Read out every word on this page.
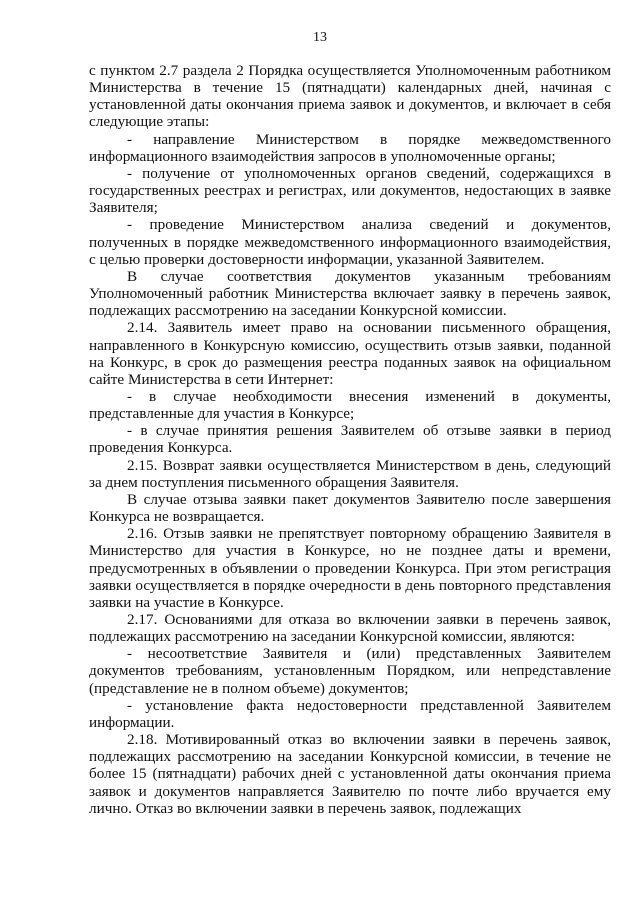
13

с пунктом 2.7 раздела 2 Порядка осуществляется Уполномоченным работником Министерства в течение 15 (пятнадцати) календарных дней, начиная с установленной даты окончания приема заявок и документов, и включает в себя следующие этапы:

- направление Министерством в порядке межведомственного информационного взаимодействия запросов в уполномоченные органы;

- получение от уполномоченных органов сведений, содержащихся в государственных реестрах и регистрах, или документов, недостающих в заявке Заявителя;

- проведение Министерством анализа сведений и документов, полученных в порядке межведомственного информационного взаимодействия, с целью проверки достоверности информации, указанной Заявителем.

В случае соответствия документов указанным требованиям Уполномоченный работник Министерства включает заявку в перечень заявок, подлежащих рассмотрению на заседании Конкурсной комиссии.

2.14. Заявитель имеет право на основании письменного обращения, направленного в Конкурсную комиссию, осуществить отзыв заявки, поданной на Конкурс, в срок до размещения реестра поданных заявок на официальном сайте Министерства в сети Интернет:

- в случае необходимости внесения изменений в документы, представленные для участия в Конкурсе;

- в случае принятия решения Заявителем об отзыве заявки в период проведения Конкурса.

2.15. Возврат заявки осуществляется Министерством в день, следующий за днем поступления письменного обращения Заявителя.

В случае отзыва заявки пакет документов Заявителю после завершения Конкурса не возвращается.

2.16. Отзыв заявки не препятствует повторному обращению Заявителя в Министерство для участия в Конкурсе, но не позднее даты и времени, предусмотренных в объявлении о проведении Конкурса. При этом регистрация заявки осуществляется в порядке очередности в день повторного представления заявки на участие в Конкурсе.

2.17. Основаниями для отказа во включении заявки в перечень заявок, подлежащих рассмотрению на заседании Конкурсной комиссии, являются:

- несоответствие Заявителя и (или) представленных Заявителем документов требованиям, установленным Порядком, или непредставление (представление не в полном объеме) документов;

- установление факта недостоверности представленной Заявителем информации.

2.18. Мотивированный отказ во включении заявки в перечень заявок, подлежащих рассмотрению на заседании Конкурсной комиссии, в течение не более 15 (пятнадцати) рабочих дней с установленной даты окончания приема заявок и документов направляется Заявителю по почте либо вручается ему лично. Отказ во включении заявки в перечень заявок, подлежащих
